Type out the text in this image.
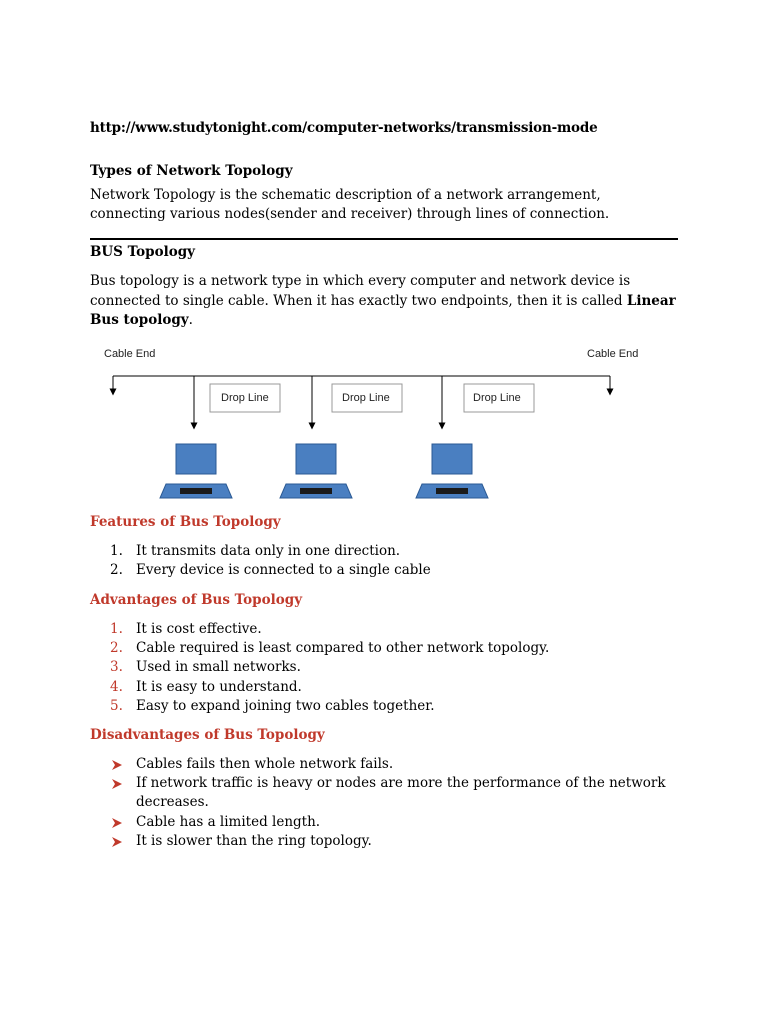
http://www.studytonight.com/computer-networks/transmission-mode
Types of Network Topology
Network Topology is the schematic description of a network arrangement, connecting various nodes(sender and receiver) through lines of connection.
BUS Topology
Bus topology is a network type in which every computer and network device is connected to single cable. When it has exactly two endpoints, then it is called Linear Bus topology.
Cable End	Cable End
Drop Line	Drop Line	Drop Line
Features of Bus Topology
1. It transmits data only in one direction.
2. Every device is connected to a single cable
Advantages of Bus Topology
1. It is cost effective.
2. Cable required is least compared to other network topology.
3. Used in small networks.
4. It is easy to understand.
5. Easy to expand joining two cables together.
Disadvantages of Bus Topology
Cables fails then whole network fails.
If network traffic is heavy or nodes are more the performance of the network decreases.
Cable has a limited length.
It is slower than the ring topology.
